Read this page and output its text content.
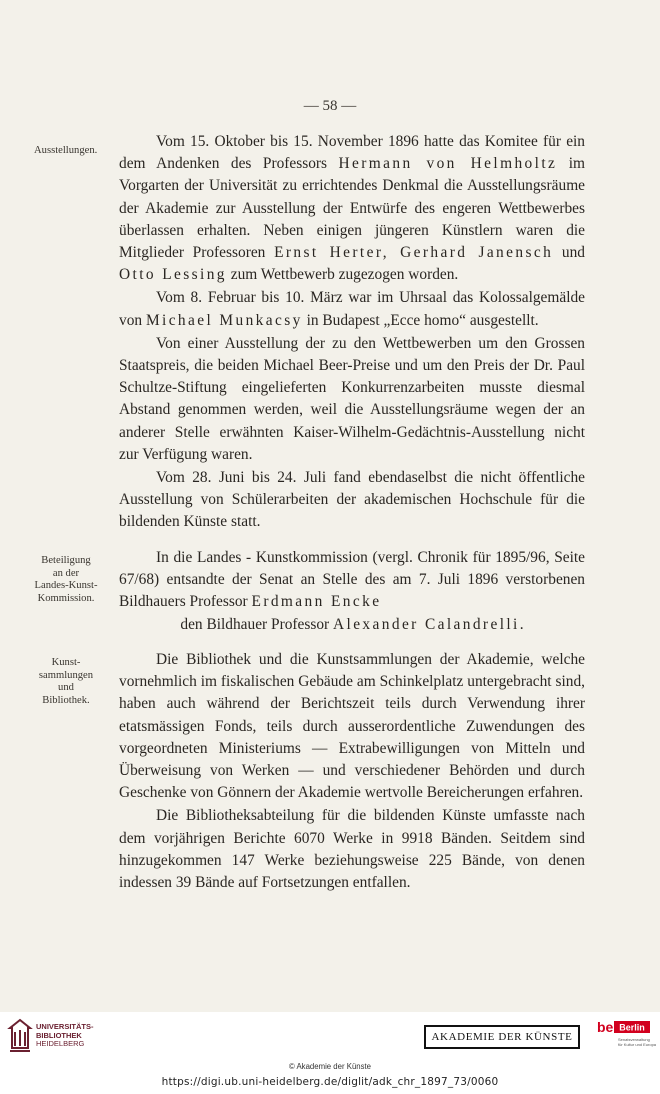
— 58 —
Ausstellungen.

Vom 15. Oktober bis 15. November 1896 hatte das Komitee für ein dem Andenken des Professors Hermann von Helmholtz im Vorgarten der Universität zu errichtendes Denkmal die Ausstellungsräume der Akademie zur Ausstellung der Entwürfe des engeren Wettbewerbes überlassen erhalten. Neben einigen jüngeren Künstlern waren die Mitglieder Professoren Ernst Herter, Gerhard Janensch und Otto Lessing zum Wettbewerb zugezogen worden.

Vom 8. Februar bis 10. März war im Uhrsaal das Kolossalgemälde von Michael Munkacsy in Budapest „Ecce homo“ ausgestellt.

Von einer Ausstellung der zu den Wettbewerben um den Grossen Staatspreis, die beiden Michael Beer-Preise und um den Preis der Dr. Paul Schultze-Stiftung eingelieferten Konkurrenzarbeiten musste diesmal Abstand genommen werden, weil die Ausstellungsräume wegen der an anderer Stelle erwähnten Kaiser-Wilhelm-Gedächtnis-Ausstellung nicht zur Verfügung waren.

Vom 28. Juni bis 24. Juli fand ebendaselbst die nicht öffentliche Ausstellung von Schülerarbeiten der akademischen Hochschule für die bildenden Künste statt.

Beteiligung
an der
Landes-Kunst-
Kommission.

In die Landes - Kunstkommission (vergl. Chronik für 1895/96, Seite 67/68) entsandte der Senat an Stelle des am 7. Juli 1896 verstorbenen Bildhauers Professor Erdmann Encke

den Bildhauer Professor Alexander Calandrelli.
Kunst-
sammlungen
und
Bibliothek.

Die Bibliothek und die Kunstsammlungen der Akademie, welche vornehmlich im fiskalischen Gebäude am Schinkelplatz untergebracht sind, haben auch während der Berichtszeit teils durch Verwendung ihrer etatsmässigen Fonds, teils durch ausserordentliche Zuwendungen des vorgeordneten Ministeriums — Extrabewilligungen von Mitteln und Überweisung von Werken — und verschiedener Behörden und durch Geschenke von Gönnern der Akademie wertvolle Bereicherungen erfahren.

Die Bibliotheksabteilung für die bildenden Künste umfasste nach dem vorjährigen Berichte 6070 Werke in 9918 Bänden. Seitdem sind hinzugekommen 147 Werke beziehungsweise 225 Bände, von denen indessen 39 Bände auf Fortsetzungen entfallen.

UNIVERSITÄTS-
BIBLIOTHEK
HEIDELBERG
AKADEMIE DER KÜNSTE
be Berlin
Senatsverwaltung
für Kultur und Europa
© Akademie der Künste
https://digi.ub.uni-heidelberg.de/diglit/adk_chr_1897_73/0060
